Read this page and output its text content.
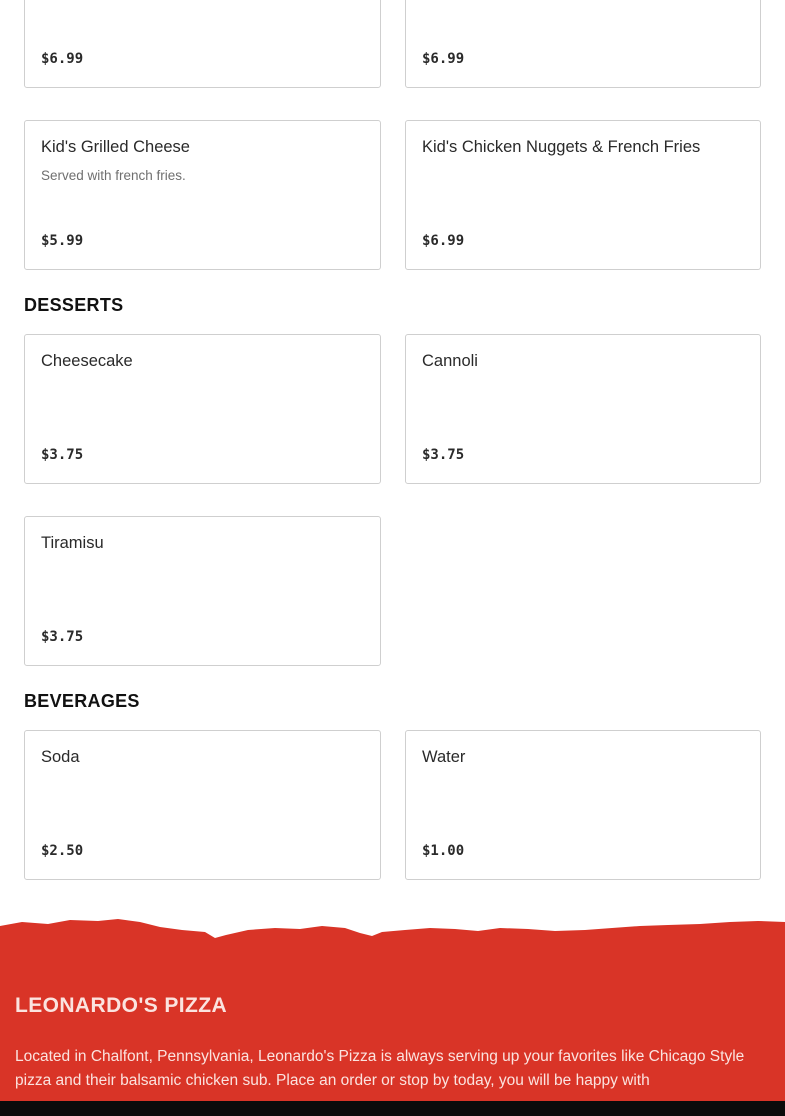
$6.99	$6.99
Kid's Grilled Cheese
Served with french fries.
$5.99
Kid's Chicken Nuggets & French Fries
$6.99
DESSERTS
Cheesecake
$3.75
Cannoli
$3.75
Tiramisu
$3.75
BEVERAGES
Soda
$2.50
Water
$1.00
LEONARDO'S PIZZA

Located in Chalfont, Pennsylvania, Leonardo's Pizza is always serving up your favorites like Chicago Style pizza and their balsamic chicken sub. Place an order or stop by today, you will be happy with
